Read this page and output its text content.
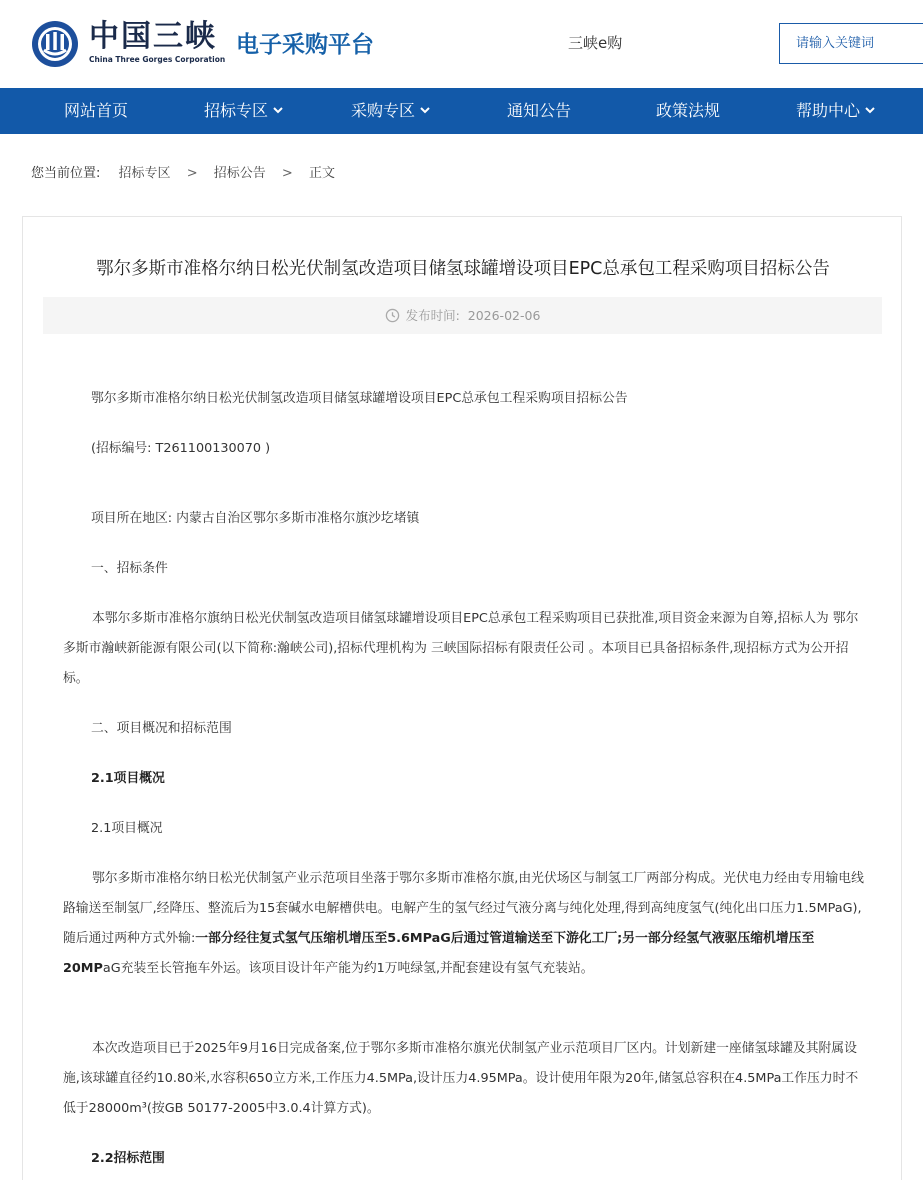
中国三峡
China Three Gorges Corporation
电子采购平台	三峡e购
请输入关键词
网站首页	招标专区	采购专区	通知公告	政策法规	帮助中心
您当前位置: 招标专区 > 招标公告 > 正文
鄂尔多斯市准格尔纳日松光伏制氢改造项目储氢球罐增设项目EPC总承包工程采购项目招标公告
发布时间: 2026-02-06
鄂尔多斯市准格尔纳日松光伏制氢改造项目储氢球罐增设项目EPC总承包工程采购项目招标公告
(招标编号: T261100130070 )
项目所在地区: 内蒙古自治区鄂尔多斯市准格尔旗沙圪堵镇
一、招标条件
本鄂尔多斯市准格尔旗纳日松光伏制氢改造项目储氢球罐增设项目EPC总承包工程采购项目已获批准,项目资金来源为自筹,招标人为 鄂尔多斯市瀚峡新能源有限公司(以下简称:瀚峡公司),招标代理机构为 三峡国际招标有限责任公司 。本项目已具备招标条件,现招标方式为公开招标。
二、项目概况和招标范围
2.1项目概况
2.1项目概况
鄂尔多斯市准格尔纳日松光伏制氢产业示范项目坐落于鄂尔多斯市准格尔旗,由光伏场区与制氢工厂两部分构成。光伏电力经由专用输电线路输送至制氢厂,经降压、整流后为15套碱水电解槽供电。电解产生的氢气经过气液分离与纯化处理,得到高纯度氢气(纯化出口压力1.5MPaG),随后通过两种方式外输:一部分经往复式氢气压缩机增压至5.6MPaG后通过管道输送至下游化工厂;另一部分经氢气液驱压缩机增压至20MPaG充装至长管拖车外运。该项目设计年产能为约1万吨绿氢,并配套建设有氢气充装站。
本次改造项目已于2025年9月16日完成备案,位于鄂尔多斯市准格尔旗光伏制氢产业示范项目厂区内。计划新建一座储氢球罐及其附属设施,该球罐直径约10.80米,水容积650立方米,工作压力4.5MPa,设计压力4.95MPa。设计使用年限为20年,储氢总容积在4.5MPa工作压力时不低于28000m³(按GB 50177-2005中3.0.4计算方式)。
2.2招标范围
